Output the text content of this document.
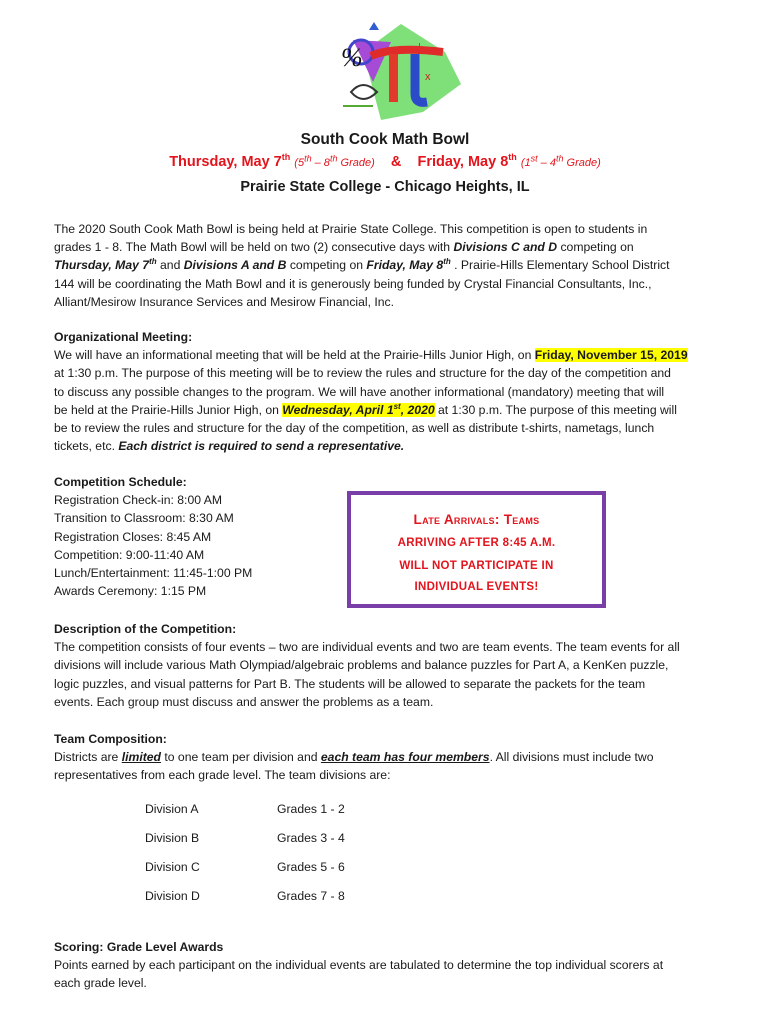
%	+
x
South Cook Math Bowl
Thursday, May 7th (5th – 8th Grade) & Friday, May 8th (1st – 4th Grade)
Prairie State College - Chicago Heights, IL
The 2020 South Cook Math Bowl is being held at Prairie State College. This competition is open to students in
grades 1 - 8. The Math Bowl will be held on two (2) consecutive days with Divisions C and D competing on
Thursday, May 7th and Divisions A and B competing on Friday, May 8th . Prairie-Hills Elementary School District
144 will be coordinating the Math Bowl and it is generously being funded by Crystal Financial Consultants, Inc.,
Alliant/Mesirow Insurance Services and Mesirow Financial, Inc.
Organizational Meeting:
We will have an informational meeting that will be held at the Prairie-Hills Junior High, on Friday, November 15, 2019
at 1:30 p.m. The purpose of this meeting will be to review the rules and structure for the day of the competition and
to discuss any possible changes to the program. We will have another informational (mandatory) meeting that will
be held at the Prairie-Hills Junior High, on Wednesday, April 1st, 2020 at 1:30 p.m. The purpose of this meeting will
be to review the rules and structure for the day of the competition, as well as distribute t-shirts, nametags, lunch
tickets, etc. Each district is required to send a representative.
Competition Schedule:
Registration Check-in: 8:00 AM
Transition to Classroom: 8:30 AM
Registration Closes: 8:45 AM
Competition: 9:00-11:40 AM
Lunch/Entertainment: 11:45-1:00 PM
Awards Ceremony: 1:15 PM
Late Arrivals: Teams
ARRIVING AFTER 8:45 A.M.
WILL NOT PARTICIPATE IN
INDIVIDUAL EVENTS!
Description of the Competition:
The competition consists of four events – two are individual events and two are team events. The team events for all
divisions will include various Math Olympiad/algebraic problems and balance puzzles for Part A, a KenKen puzzle,
logic puzzles, and visual patterns for Part B. The students will be allowed to separate the packets for the team
events. Each group must discuss and answer the problems as a team.
Team Composition:
Districts are limited to one team per division and each team has four members. All divisions must include two
representatives from each grade level. The team divisions are:
Division A	Grades 1 - 2
Division B	Grades 3 - 4
Division C	Grades 5 - 6
Division D	Grades 7 - 8
Scoring: Grade Level Awards
Points earned by each participant on the individual events are tabulated to determine the top individual scorers at
each grade level.
